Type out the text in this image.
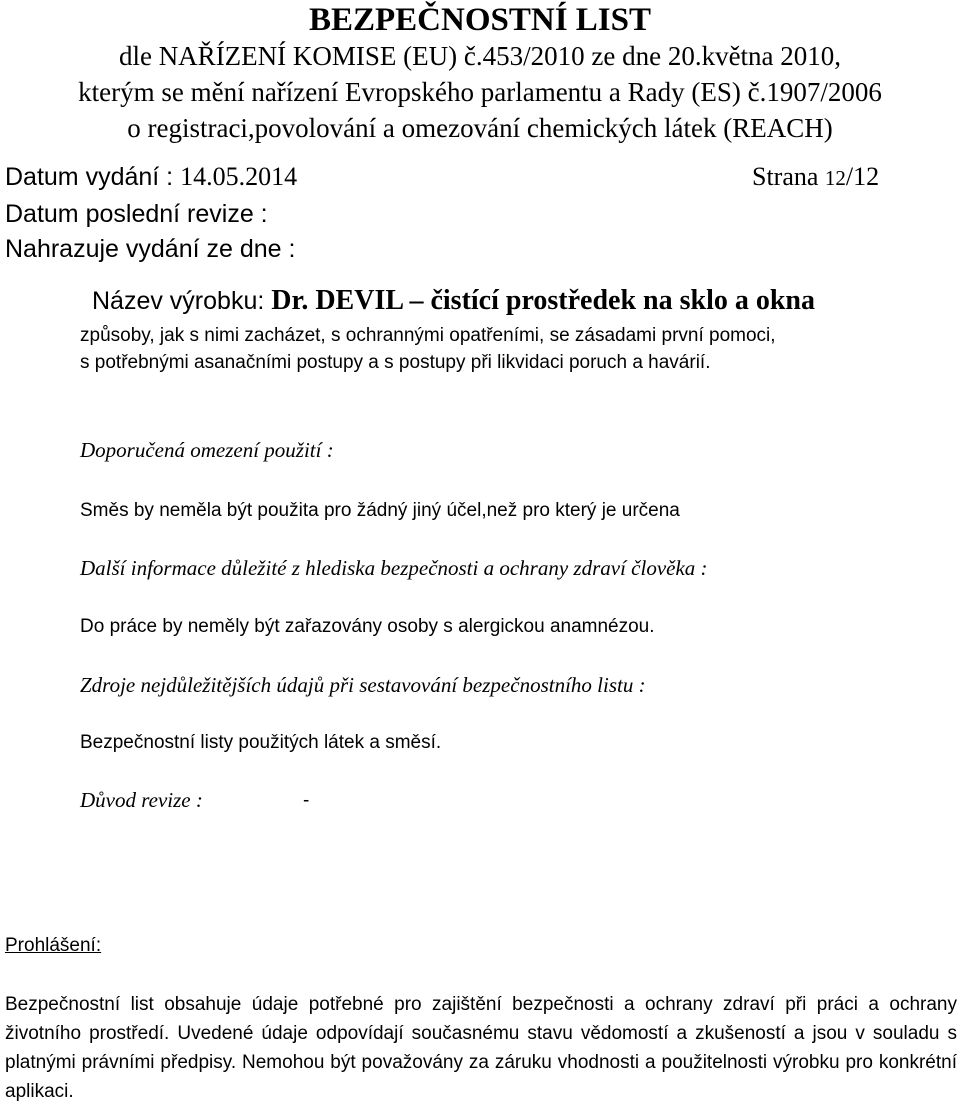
BEZPEČNOSTNÍ LIST
dle NAŘÍZENÍ KOMISE (EU) č.453/2010 ze dne 20.května 2010,
kterým se mění nařízení Evropského parlamentu a Rady (ES) č.1907/2006
o registraci,povolování a omezování chemických látek (REACH)
Datum vydání : 14.05.2014	Strana 12/12
Datum poslední revize :
Nahrazuje vydání ze dne :
Název výrobku: Dr. DEVIL – čistící prostředek na sklo a okna
způsoby, jak s nimi zacházet, s ochrannými opatřeními, se zásadami první pomoci,
s potřebnými asanačními postupy a s postupy při likvidaci poruch a havárií.
Doporučená omezení použití :
Směs by neměla být použita pro žádný jiný účel,než pro který je určena
Další informace důležité z hlediska bezpečnosti a ochrany zdraví člověka :
Do práce by neměly být zařazovány osoby s alergickou anamnézou.
Zdroje nejdůležitějších údajů při sestavování bezpečnostního listu :
Bezpečnostní listy použitých látek a směsí.
Důvod revize :	-
Prohlášení:
Bezpečnostní list obsahuje údaje potřebné pro zajištění bezpečnosti a ochrany zdraví při práci a ochrany životního prostředí. Uvedené údaje odpovídají současnému stavu vědomostí a zkušeností a jsou v souladu s platnými právními předpisy. Nemohou být považovány za záruku vhodnosti a použitelnosti výrobku pro konkrétní aplikaci.
